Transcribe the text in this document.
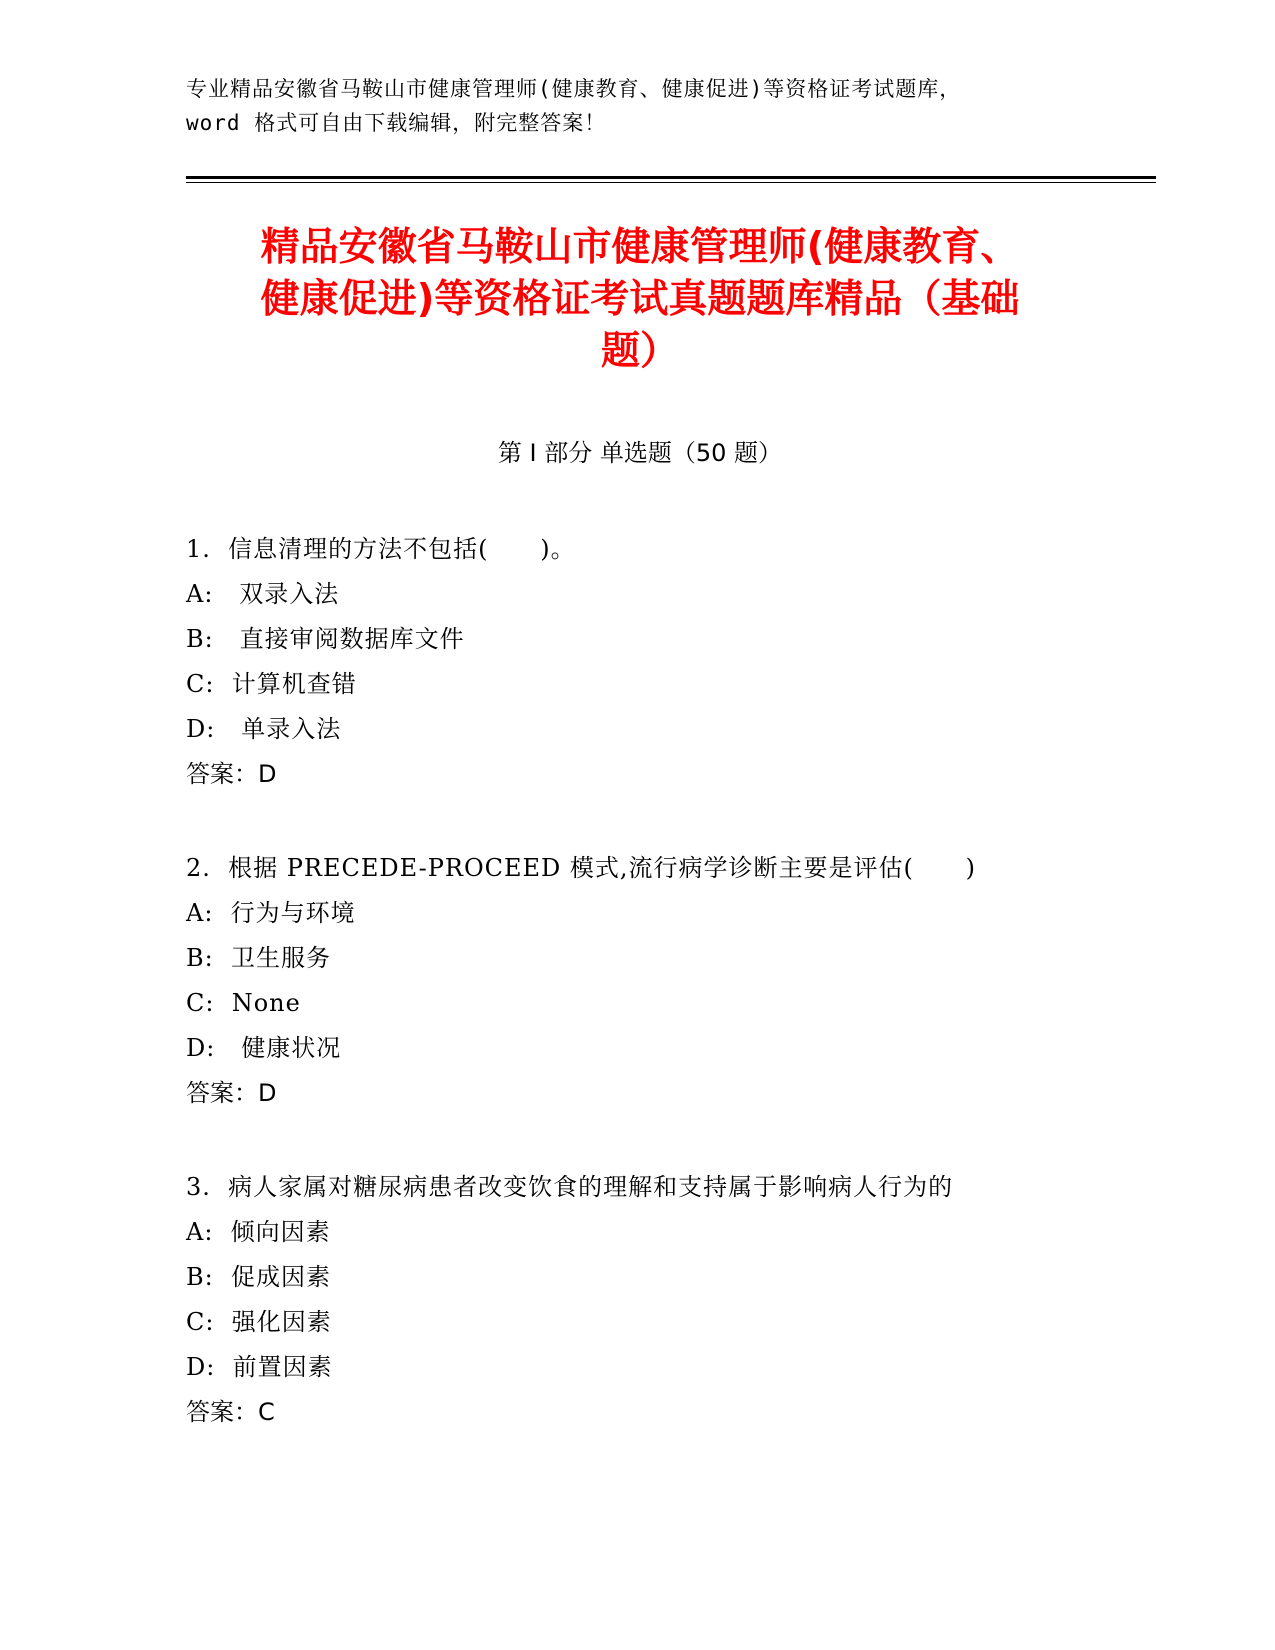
专业精品安徽省马鞍山市健康管理师(健康教育、健康促进)等资格证考试题库，
word 格式可自由下载编辑，附完整答案！
精品安徽省马鞍山市健康管理师(健康教育、
健康促进)等资格证考试真题题库精品（基础
题）
第 I 部分 单选题（50 题）
1.  信息清理的方法不包括(      )。
A:   双录入法
B:   直接审阅数据库文件
C:  计算机查错
D:   单录入法
答案：D
2.  根据 PRECEDE-PROCEED 模式,流行病学诊断主要是评估(      )
A:  行为与环境
B:  卫生服务
C:  None
D:   健康状况
答案：D
3.  病人家属对糖尿病患者改变饮食的理解和支持属于影响病人行为的
A:  倾向因素
B:  促成因素
C:  强化因素
D:  前置因素
答案：C
